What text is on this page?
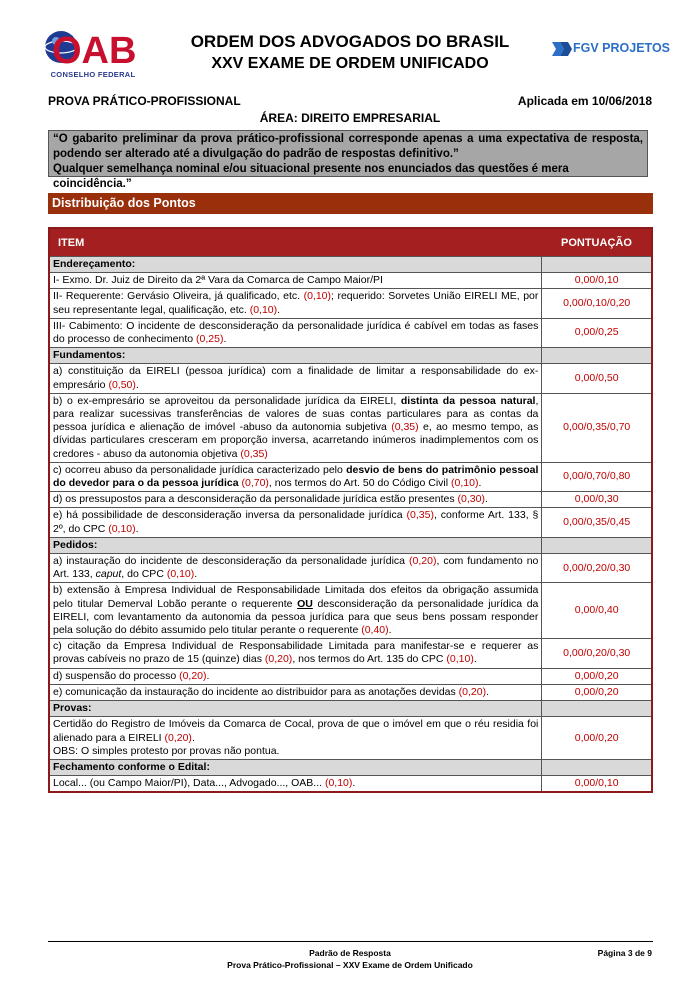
OAB
CONSELHO FEDERAL
ORDEM DOS ADVOGADOS DO BRASIL
XXV EXAME DE ORDEM UNIFICADO
FGV PROJETOS
PROVA PRÁTICO-PROFISSIONAL	Aplicada em 10/06/2018
ÁREA: DIREITO EMPRESARIAL

“O gabarito preliminar da prova prático-profissional corresponde apenas a uma expectativa de resposta,

podendo ser alterado até a divulgação do padrão de respostas definitivo.”

Qualquer semelhança nominal e/ou situacional presente nos enunciados das questões é mera coincidência.”

Distribuição dos Pontos
ITEM	PONTUAÇÃO
Endereçamento:	
I- Exmo. Dr. Juiz de Direito da 2ª Vara da Comarca de Campo Maior/PI	0,00/0,10
II- Requerente: Gervásio Oliveira, já qualificado, etc. (0,10); requerido: Sorvetes União EIRELI ME, por seu representante legal, qualificação, etc. (0,10).	0,00/0,10/0,20
III- Cabimento: O incidente de desconsideração da personalidade jurídica é cabível em todas as fases do processo de conhecimento (0,25).	0,00/0,25
Fundamentos:	
a) constituição da EIRELI (pessoa jurídica) com a finalidade de limitar a responsabilidade do ex-empresário (0,50).	0,00/0,50
b) o ex-empresário se aproveitou da personalidade jurídica da EIRELI, distinta da pessoa natural, para realizar sucessivas transferências de valores de suas contas particulares para as contas da pessoa jurídica e alienação de imóvel -abuso da autonomia subjetiva (0,35) e, ao mesmo tempo, as dívidas particulares cresceram em proporção inversa, acarretando inúmeros inadimplementos com os credores - abuso da autonomia objetiva (0,35)	0,00/0,35/0,70
c) ocorreu abuso da personalidade jurídica caracterizado pelo desvio de bens do patrimônio pessoal do devedor para o da pessoa jurídica (0,70), nos termos do Art. 50 do Código Civil (0,10).	0,00/0,70/0,80
d) os pressupostos para a desconsideração da personalidade jurídica estão presentes (0,30).	0,00/0,30
e) há possibilidade de desconsideração inversa da personalidade jurídica (0,35), conforme Art. 133, § 2º, do CPC (0,10).	0,00/0,35/0,45
Pedidos:	
a) instauração do incidente de desconsideração da personalidade jurídica (0,20), com fundamento no Art. 133, caput, do CPC (0,10).	0,00/0,20/0,30
b) extensão à Empresa Individual de Responsabilidade Limitada dos efeitos da obrigação assumida pelo titular Demerval Lobão perante o requerente OU desconsideração da personalidade jurídica da EIRELI, com levantamento da autonomia da pessoa jurídica para que seus bens possam responder pela solução do débito assumido pelo titular perante o requerente (0,40).	0,00/0,40
c) citação da Empresa Individual de Responsabilidade Limitada para manifestar-se e requerer as provas cabíveis no prazo de 15 (quinze) dias (0,20), nos termos do Art. 135 do CPC (0,10).	0,00/0,20/0,30
d) suspensão do processo (0,20).	0,00/0,20
e) comunicação da instauração do incidente ao distribuidor para as anotações devidas (0,20).	0,00/0,20
Provas:	
Certidão do Registro de Imóveis da Comarca de Cocal, prova de que o imóvel em que o réu residia foi alienado para a EIRELI (0,20).
OBS: O simples protesto por provas não pontua.	0,00/0,20
Fechamento conforme o Edital:	
Local... (ou Campo Maior/PI), Data..., Advogado..., OAB... (0,10).	0,00/0,10
Padrão de Resposta
Prova Prático-Profissional – XXV Exame de Ordem Unificado
Página 3 de 9
